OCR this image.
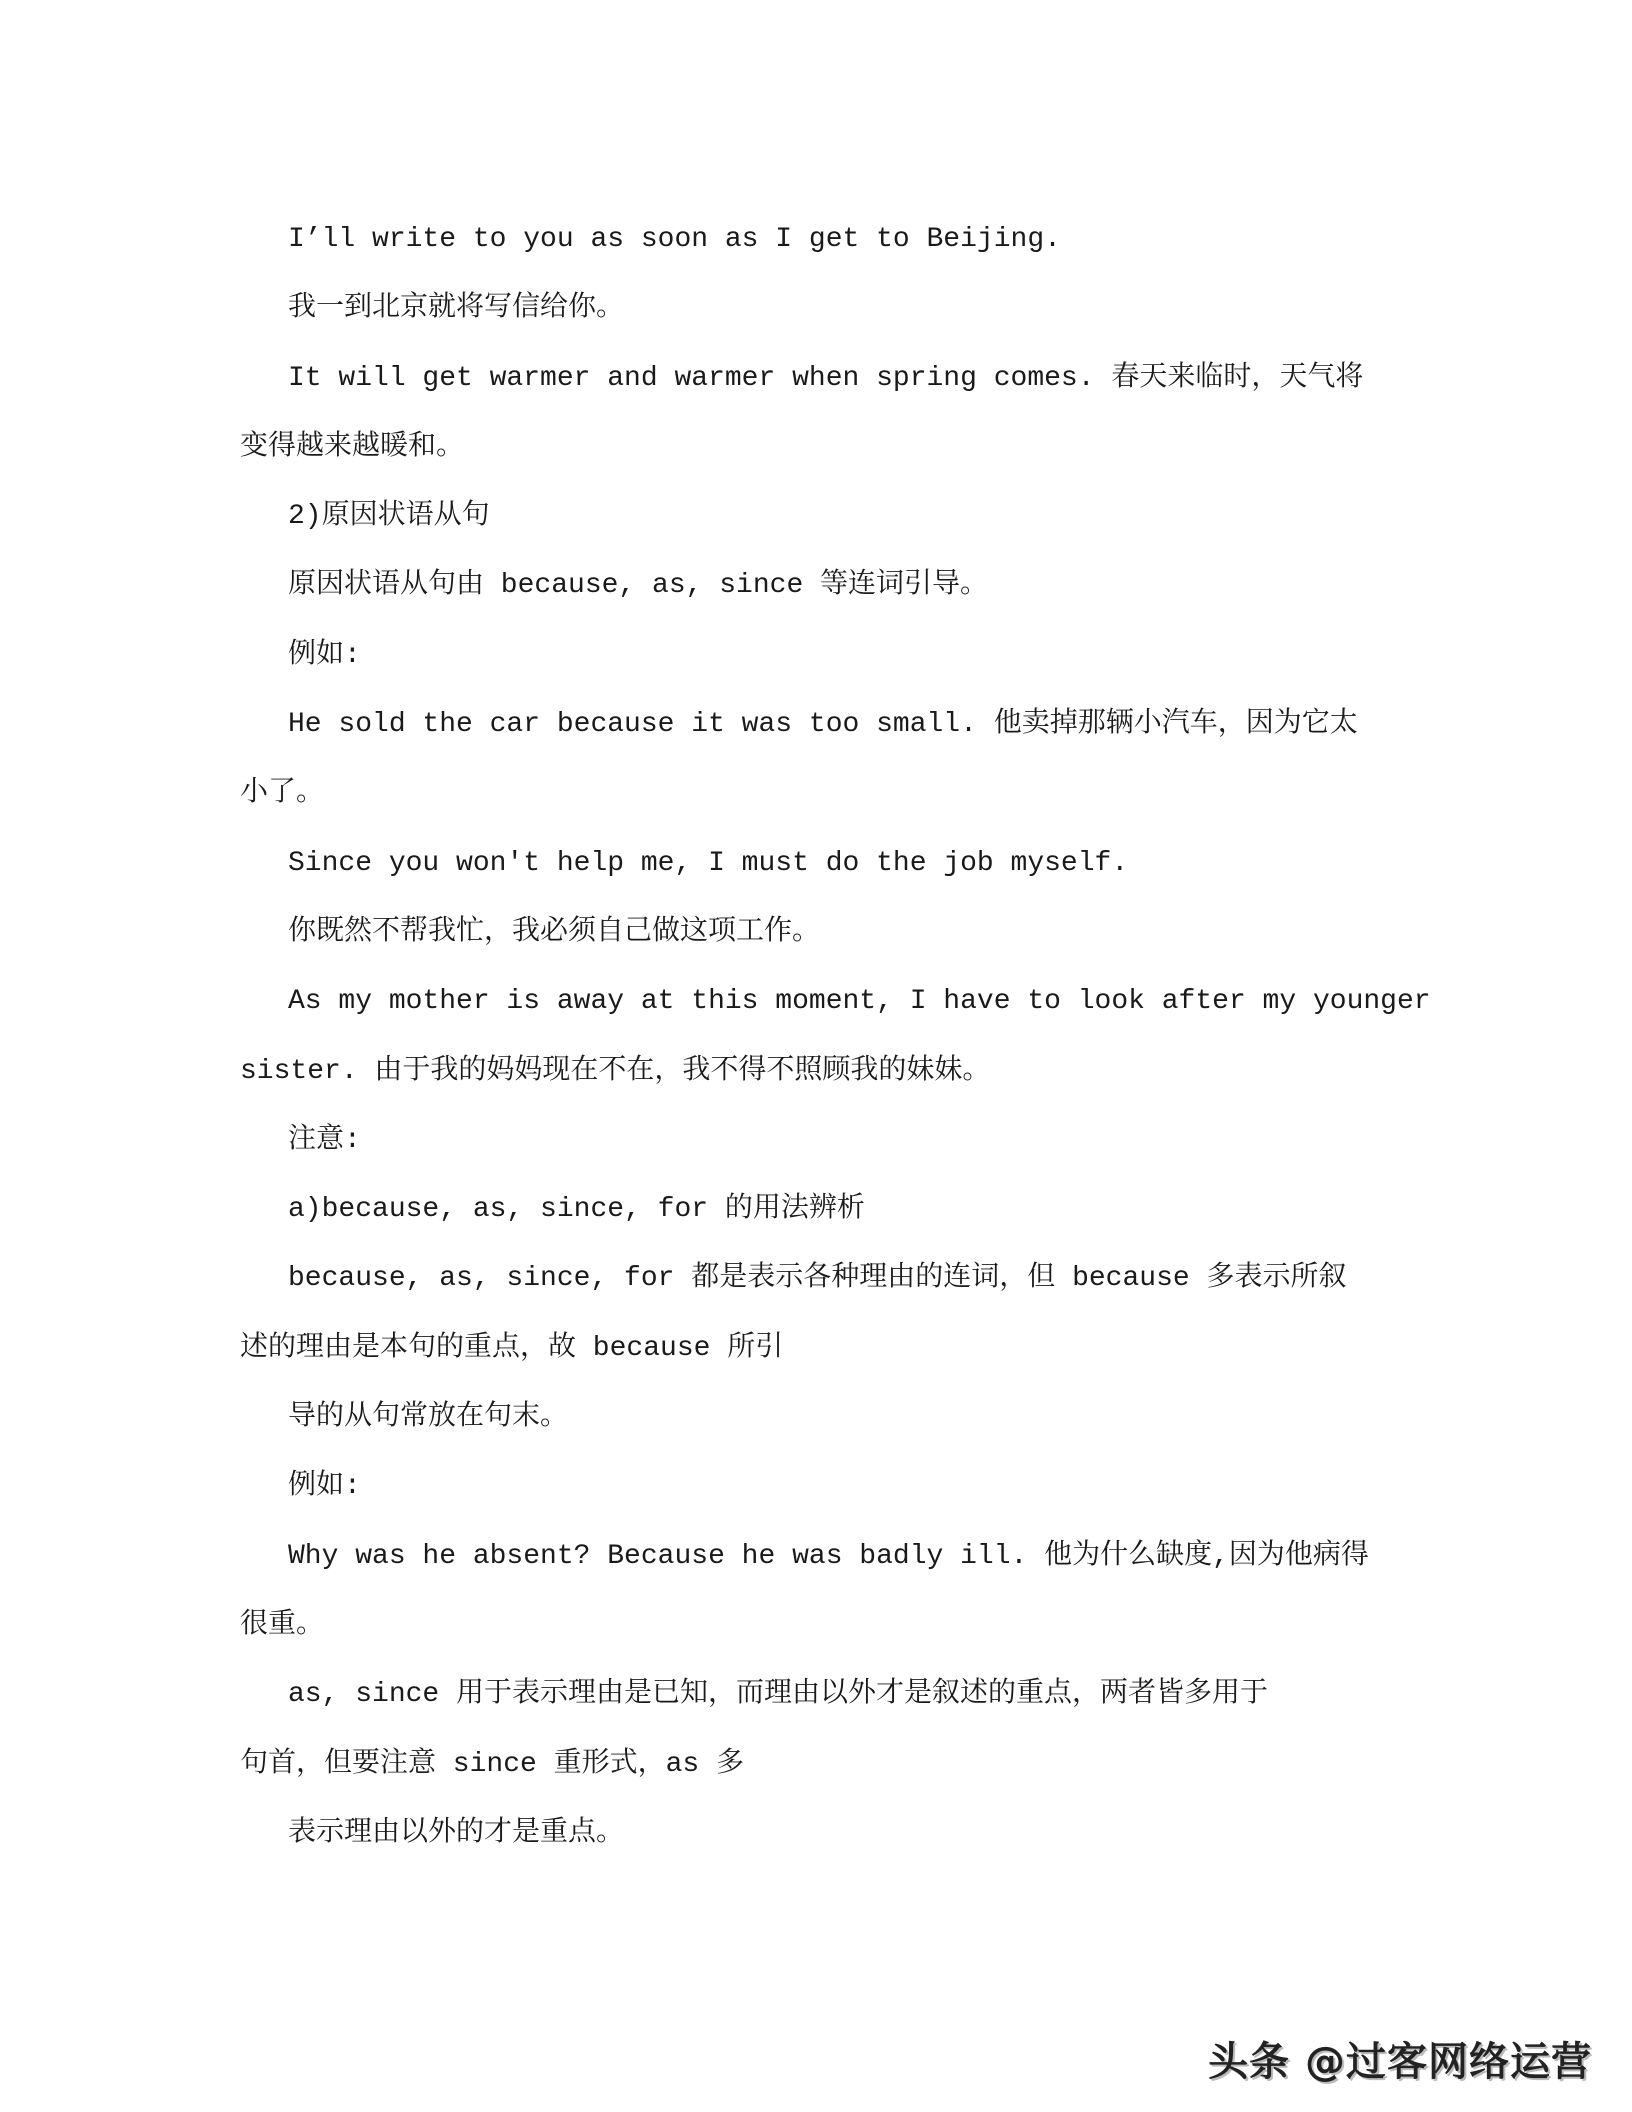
I’ll write to you as soon as I get to Beijing.
我一到北京就将写信给你。
It will get warmer and warmer when spring comes. 春天来临时，天气将
变得越来越暖和。
2)原因状语从句
原因状语从句由 because, as, since 等连词引导。
例如:
He sold the car because it was too small. 他卖掉那辆小汽车，因为它太
小了。
Since you won't help me, I must do the job myself.
你既然不帮我忙，我必须自己做这项工作。
As my mother is away at this moment, I have to look after my younger
sister. 由于我的妈妈现在不在，我不得不照顾我的妹妹。
注意:
a)because, as, since, for 的用法辨析
because, as, since, for 都是表示各种理由的连词，但 because 多表示所叙
述的理由是本句的重点，故 because 所引
导的从句常放在句末。
例如:
Why was he absent? Because he was badly ill. 他为什么缺度,因为他病得
很重。
as, since 用于表示理由是已知，而理由以外才是叙述的重点，两者皆多用于
句首，但要注意 since 重形式，as 多
表示理由以外的才是重点。
头条 @过客网络运营
